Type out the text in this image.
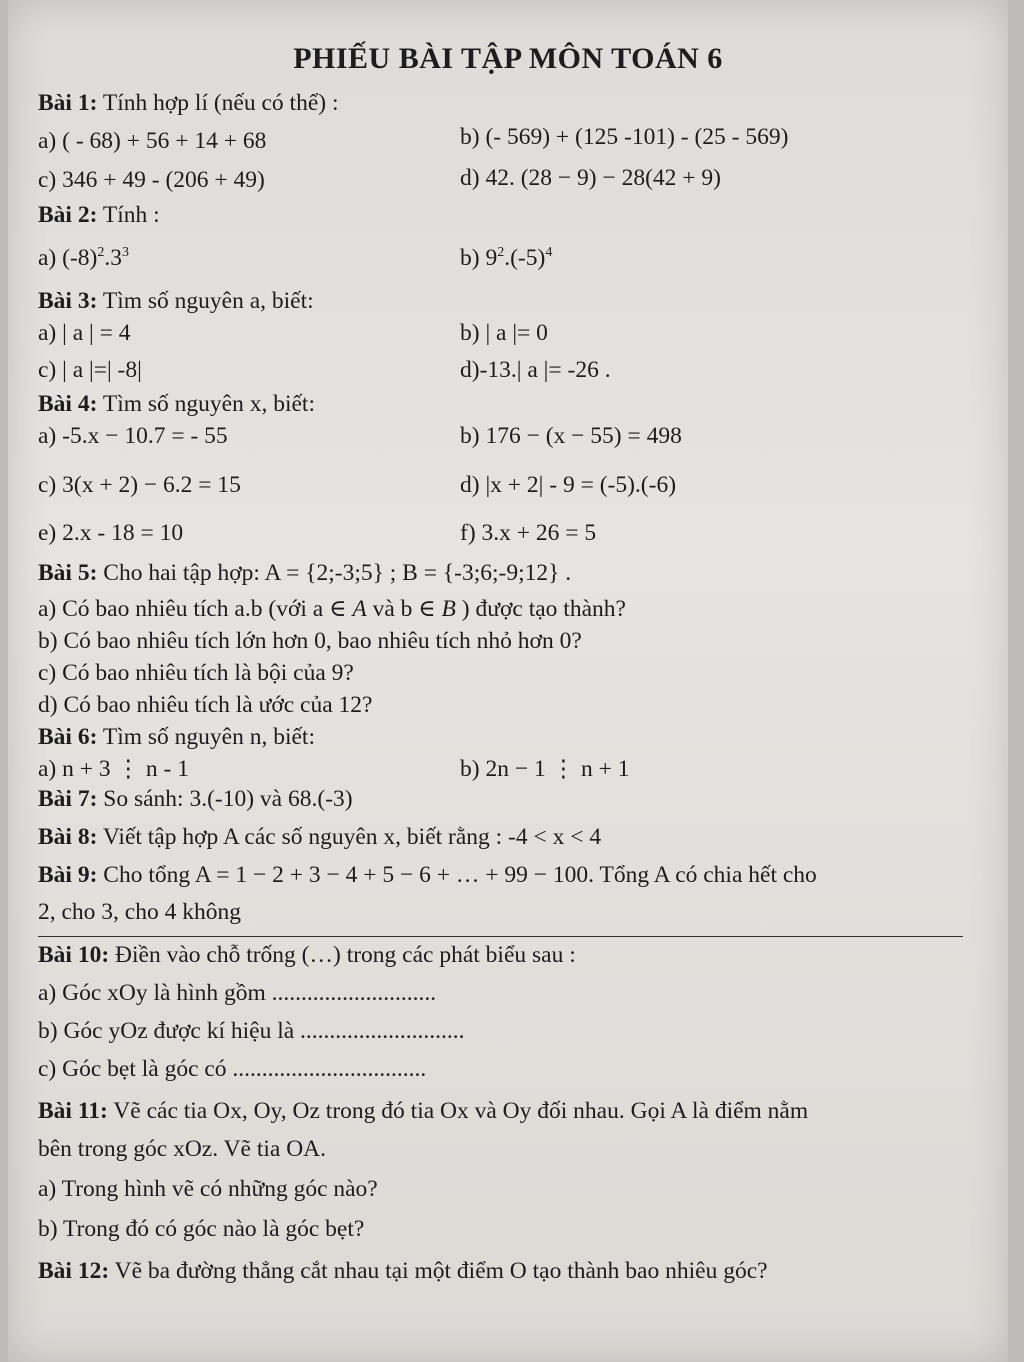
PHIẾU BÀI TẬP MÔN TOÁN 6
Bài 1: Tính hợp lí (nếu có thể) :
a) ( - 68) + 56 + 14 + 68	b) (- 569) + (125 -101) - (25 - 569)
c) 346 + 49 - (206 + 49)	d) 42. (28 − 9) − 28(42 + 9)
Bài 2: Tính :
a) $(-8)^2.3^3$	b) $9^2.(-5)^4$
Bài 3: Tìm số nguyên a, biết:
a) | a | = 4	b) | a |= 0
c) | a |=| -8|	d)-13.| a |= -26 .
Bài 4: Tìm số nguyên x, biết:
a) -5.x − 10.7 = - 55	b) 176 − (x − 55) = 498
c) 3(x + 2) − 6.2 = 15	d) |x + 2| - 9 = (-5).(-6)
e) 2.x - 18 = 10	f) 3.x + 26 = 5
Bài 5: Cho hai tập hợp: A = {2;-3;5} ; B = {-3;6;-9;12} .
a) Có bao nhiêu tích a.b (với a ∈ A và b ∈ B ) được tạo thành?
b) Có bao nhiêu tích lớn hơn 0, bao nhiêu tích nhỏ hơn 0?
c) Có bao nhiêu tích là bội của 9?
d) Có bao nhiêu tích là ước của 12?
Bài 6: Tìm số nguyên n, biết:
a) n + 3 ⋮ n - 1	b) 2n − 1 ⋮ n + 1
Bài 7: So sánh: 3.(-10) và 68.(-3)
Bài 8: Viết tập hợp A các số nguyên x, biết rằng : -4 < x < 4
Bài 9: Cho tổng A = 1 − 2 + 3 − 4 + 5 − 6 + … + 99 − 100. Tổng A có chia hết cho
2, cho 3, cho 4 không
Bài 10: Điền vào chỗ trống (…) trong các phát biểu sau :
a) Góc xOy là hình gồm ............................
b) Góc yOz được kí hiệu là ............................
c) Góc bẹt là góc có .................................
Bài 11: Vẽ các tia Ox, Oy, Oz trong đó tia Ox và Oy đối nhau. Gọi A là điểm nằm
bên trong góc xOz. Vẽ tia OA.
a) Trong hình vẽ có những góc nào?
b) Trong đó có góc nào là góc bẹt?
Bài 12: Vẽ ba đường thẳng cắt nhau tại một điểm O tạo thành bao nhiêu góc?
